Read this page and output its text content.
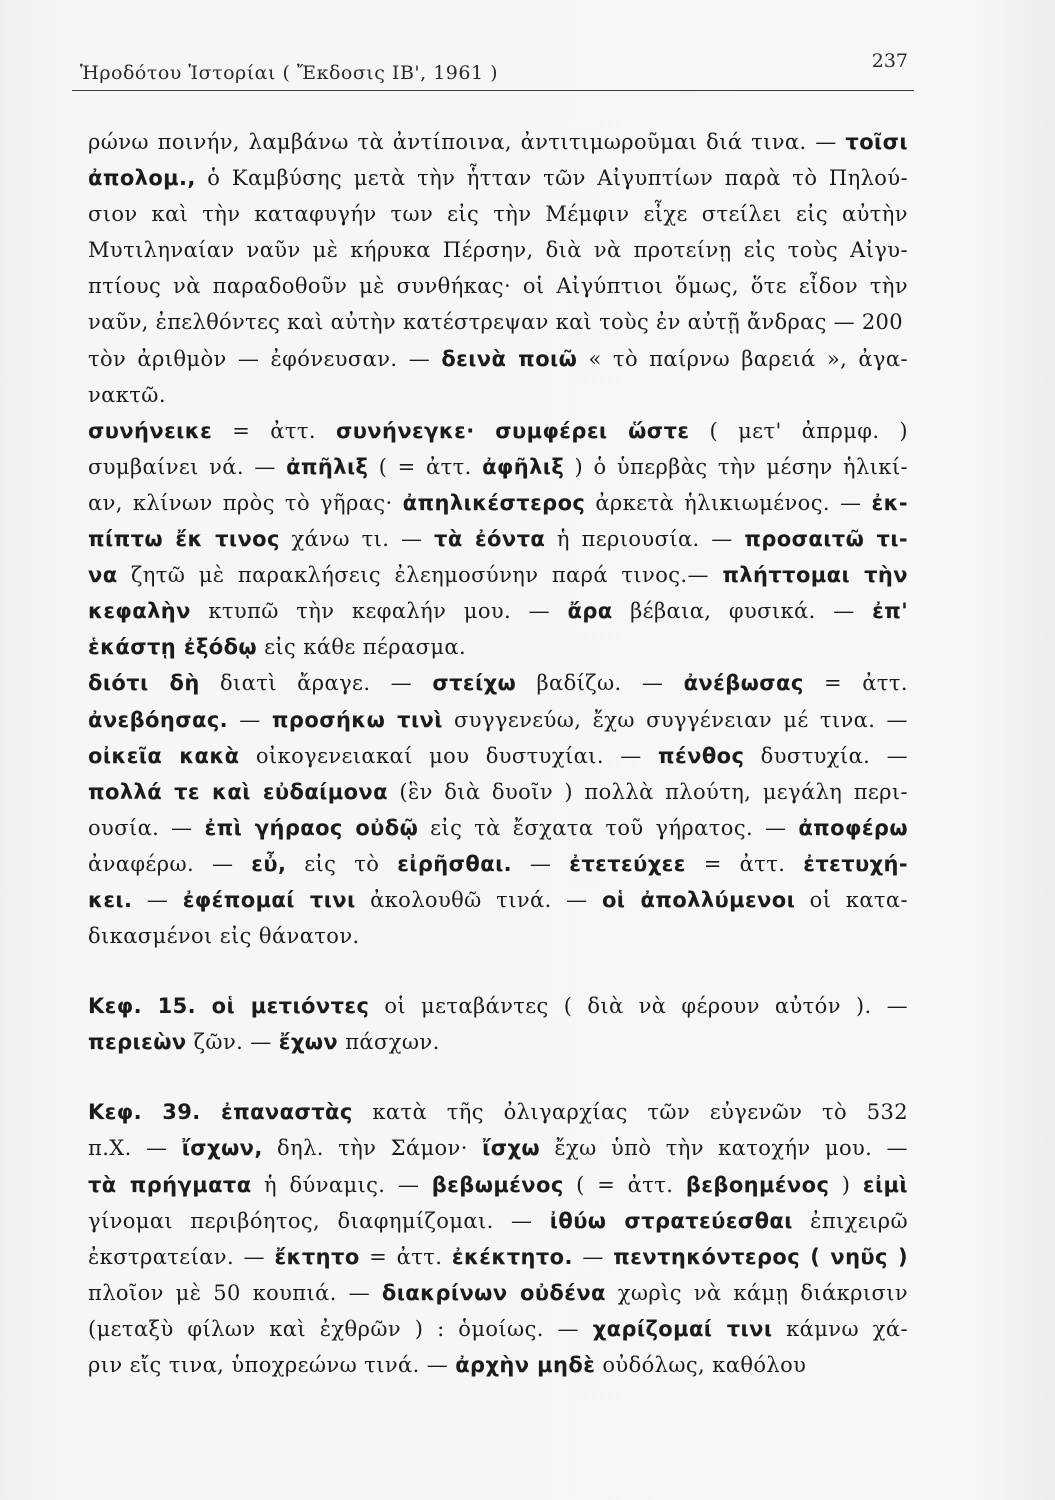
Ἡροδότου Ἱστορίαι ( Ἔκδοσις ΙΒ', 1961 )
237
ρώνω ποινήν, λαμβάνω τὰ ἀντίποινα, ἀντιτιμωροῦμαι διά τινα. — τοῖσι
ἀπολομ., ὁ Καμβύσης μετὰ τὴν ἧτταν τῶν Αἰγυπτίων παρὰ τὸ Πηλού-
σιον καὶ τὴν καταφυγήν των εἰς τὴν Μέμφιν εἶχε στείλει εἰς αὐτὴν
Μυτιληναίαν ναῦν μὲ κήρυκα Πέρσην, διὰ νὰ προτείνῃ εἰς τοὺς Αἰγυ-
πτίους νὰ παραδοθοῦν μὲ συνθήκας· οἱ Αἰγύπτιοι ὅμως, ὅτε εἶδον τὴν
ναῦν, ἐπελθόντες καὶ αὐτὴν κατέστρεψαν καὶ τοὺς ἐν αὐτῇ ἄνδρας — 200
τὸν ἀριθμὸν — ἐφόνευσαν. — δεινὰ ποιῶ « τὸ παίρνω βαρειά », ἀγα-
νακτῶ.
συνήνεικε = ἀττ. συνήνεγκε· συμφέρει ὥστε ( μετ' ἀπρμφ. )
συμβαίνει νά. — ἀπῆλιξ ( = ἀττ. ἀφῆλιξ ) ὁ ὑπερβὰς τὴν μέσην ἡλικί-
αν, κλίνων πρὸς τὸ γῆρας· ἀπηλικέστερος ἀρκετὰ ἡλικιωμένος. — ἐκ-
πίπτω ἔκ τινος χάνω τι. — τὰ ἐόντα ἡ περιουσία. — προσαιτῶ τι-
να ζητῶ μὲ παρακλήσεις ἐλεημοσύνην παρά τινος.— πλήττομαι τὴν
κεφαλὴν κτυπῶ τὴν κεφαλήν μου. — ἄρα βέβαια, φυσικά. — ἐπ'
ἑκάστῃ ἐξόδῳ εἰς κάθε πέρασμα.
διότι δὴ διατὶ ἄραγε. — στείχω βαδίζω. — ἀνέβωσας = ἀττ.
ἀνεβόησας. — προσήκω τινὶ συγγενεύω, ἔχω συγγένειαν μέ τινα. —
οἰκεῖα κακὰ οἰκογενειακαί μου δυστυχίαι. — πένθος δυστυχία. —
πολλά τε καὶ εὐδαίμονα (ἓν διὰ δυοῖν ) πολλὰ πλούτη, μεγάλη περι-
ουσία. — ἐπὶ γήραος οὐδῷ εἰς τὰ ἔσχατα τοῦ γήρατος. — ἀποφέρω
ἀναφέρω. — εὖ, εἰς τὸ εἰρῆσθαι. — ἐτετεύχεε = ἀττ. ἐτετυχή-
κει. — ἐφέπομαί τινι ἀκολουθῶ τινά. — οἱ ἀπολλύμενοι οἱ κατα-
δικασμένοι εἰς θάνατον.
Κεφ. 15. οἱ μετιόντες οἱ μεταβάντες ( διὰ νὰ φέρουν αὐτόν ). —
περιεὼν ζῶν. — ἔχων πάσχων.
Κεφ. 39. ἐπαναστὰς κατὰ τῆς ὀλιγαρχίας τῶν εὐγενῶν τὸ 532
π.Χ. — ἴσχων, δηλ. τὴν Σάμον· ἴσχω ἔχω ὑπὸ τὴν κατοχήν μου. —
τὰ πρήγματα ἡ δύναμις. — βεβωμένος ( = ἀττ. βεβοημένος ) εἰμὶ
γίνομαι περιβόητος, διαφημίζομαι. — ἰθύω στρατεύεσθαι ἐπιχειρῶ
ἐκστρατείαν. — ἔκτητο = ἀττ. ἐκέκτητο. — πεντηκόντερος ( νηῦς )
πλοῖον μὲ 50 κουπιά. — διακρίνων οὐδένα χωρὶς νὰ κάμῃ διάκρισιν
(μεταξὺ φίλων καὶ ἐχθρῶν ) : ὁμοίως. — χαρίζομαί τινι κάμνω χά-
ριν εἴς τινα, ὑποχρεώνω τινά. — ἀρχὴν μηδὲ οὐδόλως, καθόλου
